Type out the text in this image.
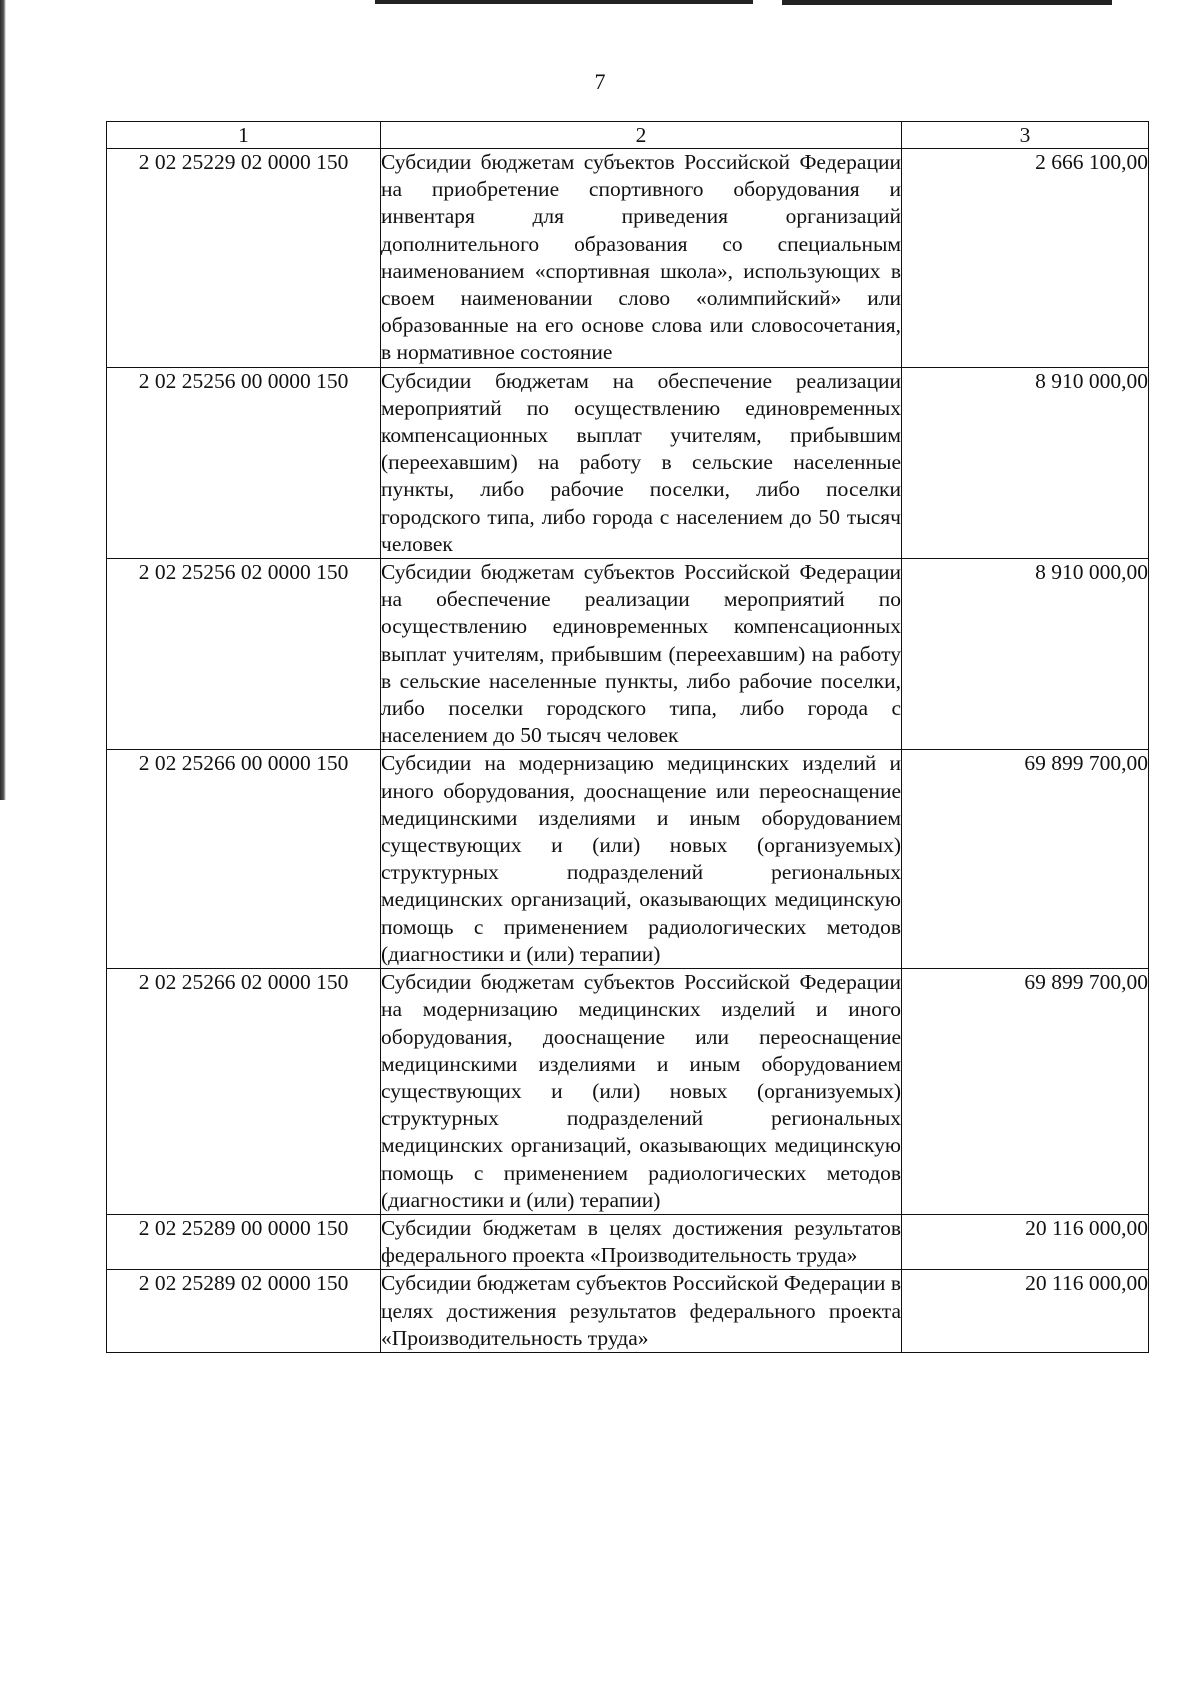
7
1	2	3
2 02 25229 02 0000 150	Субсидии бюджетам субъектов Российской Федерации на приобретение спортивного оборудования и инвентаря для приведения организаций дополнительного образования со специальным наименованием «спортивная школа», использующих в своем наименовании слово «олимпийский» или образованные на его основе слова или словосочетания, в нормативное состояние	2 666 100,00
2 02 25256 00 0000 150	Субсидии бюджетам на обеспечение реализации мероприятий по осуществлению единовременных компенсационных выплат учителям, прибывшим (переехавшим) на работу в сельские населенные пункты, либо рабочие поселки, либо поселки городского типа, либо города с населением до 50 тысяч человек	8 910 000,00
2 02 25256 02 0000 150	Субсидии бюджетам субъектов Российской Федерации на обеспечение реализации мероприятий по осуществлению единовременных компенсационных выплат учителям, прибывшим (переехавшим) на работу в сельские населенные пункты, либо рабочие поселки, либо поселки городского типа, либо города с населением до 50 тысяч человек	8 910 000,00
2 02 25266 00 0000 150	Субсидии на модернизацию медицинских изделий и иного оборудования, дооснащение или переоснащение медицинскими изделиями и иным оборудованием существующих и (или) новых (организуемых) структурных подразделений региональных медицинских организаций, оказывающих медицинскую помощь с применением радиологических методов (диагностики и (или) терапии)	69 899 700,00
2 02 25266 02 0000 150	Субсидии бюджетам субъектов Российской Федерации на модернизацию медицинских изделий и иного оборудования, дооснащение или переоснащение медицинскими изделиями и иным оборудованием существующих и (или) новых (организуемых) структурных подразделений региональных медицинских организаций, оказывающих медицинскую помощь с применением радиологических методов (диагностики и (или) терапии)	69 899 700,00
2 02 25289 00 0000 150	Субсидии бюджетам в целях достижения результатов федерального проекта «Производительность труда»	20 116 000,00
2 02 25289 02 0000 150	Субсидии бюджетам субъектов Российской Федерации в целях достижения результатов федерального проекта «Производительность труда»	20 116 000,00
